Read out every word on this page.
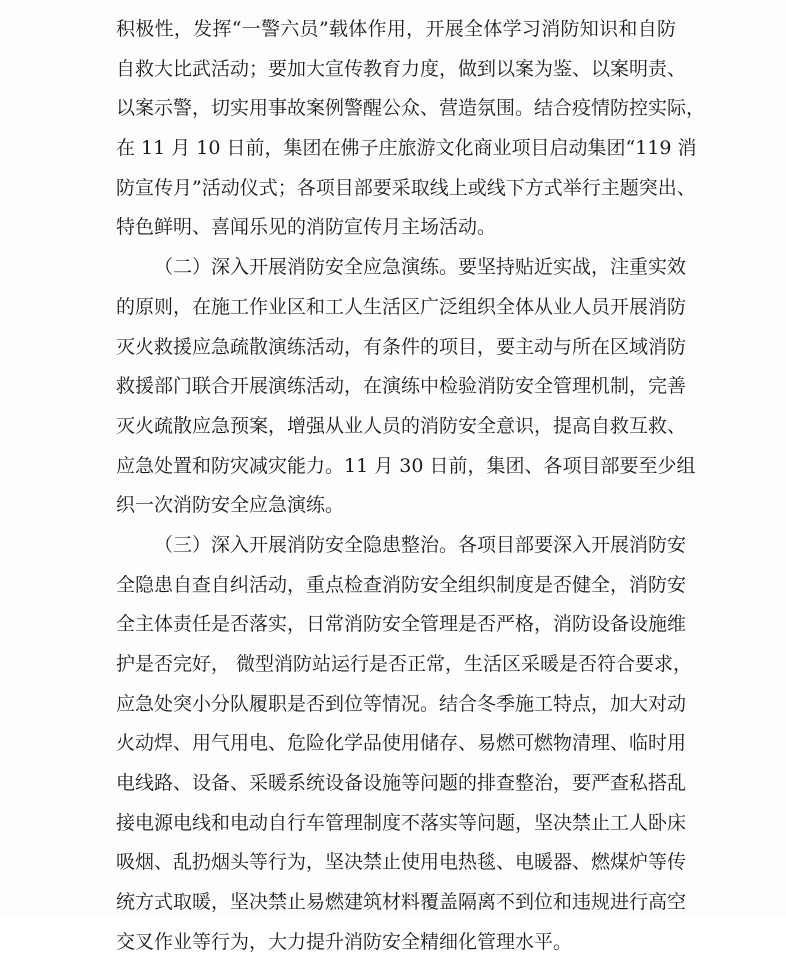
积极性，发挥“一警六员”载体作用，开展全体学习消防知识和自防
自救大比武活动；要加大宣传教育力度，做到以案为鉴、以案明责、
以案示警，切实用事故案例警醒公众、营造氛围。结合疫情防控实际，
在 11 月 10 日前，集团在佛子庄旅游文化商业项目启动集团“119 消
防宣传月”活动仪式；各项目部要采取线上或线下方式举行主题突出、
特色鲜明、喜闻乐见的消防宣传月主场活动。
（二）深入开展消防安全应急演练。要坚持贴近实战，注重实效
的原则，在施工作业区和工人生活区广泛组织全体从业人员开展消防
灭火救援应急疏散演练活动，有条件的项目，要主动与所在区域消防
救援部门联合开展演练活动，在演练中检验消防安全管理机制，完善
灭火疏散应急预案，增强从业人员的消防安全意识，提高自救互救、
应急处置和防灾减灾能力。11 月 30 日前，集团、各项目部要至少组
织一次消防安全应急演练。
（三）深入开展消防安全隐患整治。各项目部要深入开展消防安
全隐患自查自纠活动，重点检查消防安全组织制度是否健全，消防安
全主体责任是否落实，日常消防安全管理是否严格，消防设备设施维
护是否完好， 微型消防站运行是否正常，生活区采暖是否符合要求，
应急处突小分队履职是否到位等情况。结合冬季施工特点，加大对动
火动焊、用气用电、危险化学品使用储存、易燃可燃物清理、临时用
电线路、设备、采暖系统设备设施等问题的排查整治，要严查私搭乱
接电源电线和电动自行车管理制度不落实等问题，坚决禁止工人卧床
吸烟、乱扔烟头等行为，坚决禁止使用电热毯、电暖器、燃煤炉等传
统方式取暖，坚决禁止易燃建筑材料覆盖隔离不到位和违规进行高空
交叉作业等行为，大力提升消防安全精细化管理水平。
